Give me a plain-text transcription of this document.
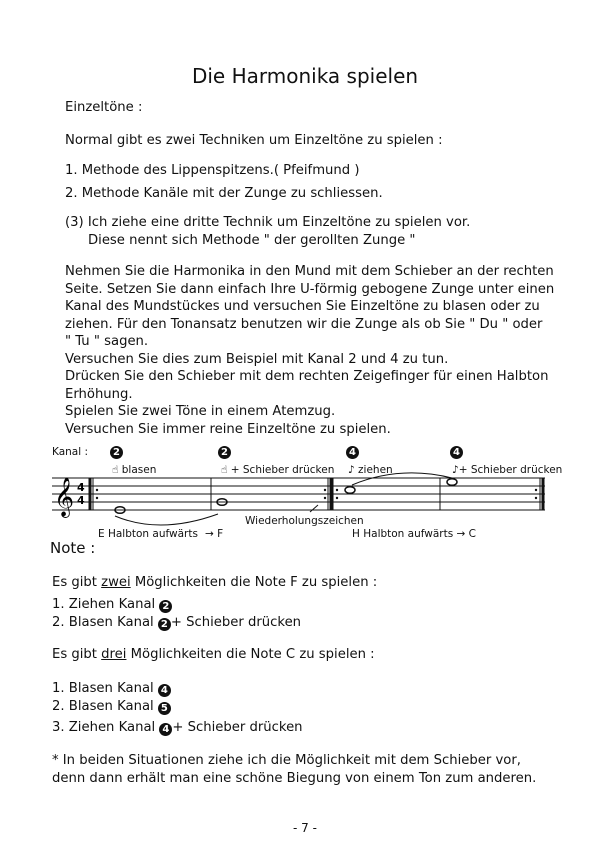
Die Harmonika spielen
Einzeltöne :
Normal gibt es zwei Techniken um Einzeltöne zu spielen :
1. Methode des Lippenspitzens.( Pfeifmund )
2. Methode Kanäle mit der Zunge zu schliessen.
(3) Ich ziehe eine dritte Technik um Einzeltöne zu spielen vor.
Diese nennt sich Methode " der gerollten Zunge "
Nehmen Sie die Harmonika in den Mund mit dem Schieber an der rechten
Seite. Setzen Sie dann einfach Ihre U-förmig gebogene Zunge unter einen
Kanal des Mundstückes und versuchen Sie Einzeltöne zu blasen oder zu
ziehen. Für den Tonansatz benutzen wir die Zunge als ob Sie " Du " oder
" Tu " sagen.
Versuchen Sie dies zum Beispiel mit Kanal 2 und 4 zu tun.
Drücken Sie den Schieber mit dem rechten Zeigefinger für einen Halbton
Erhöhung.
Spielen Sie zwei Töne in einem Atemzug.
Versuchen Sie immer reine Einzeltöne zu spielen.
𝄞 4
4
Kanal :	2	2	4	4
☝ blasen	☝ + Schieber drücken ♪ ziehen	♪+ Schieber drücken
Wiederholungszeichen
E Halbton aufwärts → F	H Halbton aufwärts → C
Note :
Es gibt zwei Möglichkeiten die Note F zu spielen :
1. Ziehen Kanal 2
2. Blasen Kanal 2 + Schieber drücken
Es gibt drei Möglichkeiten die Note C zu spielen :
1. Blasen Kanal 4
2. Blasen Kanal 5
3. Ziehen Kanal 4 + Schieber drücken
* In beiden Situationen ziehe ich die Möglichkeit mit dem Schieber vor,
denn dann erhält man eine schöne Biegung von einem Ton zum anderen.
- 7 -
